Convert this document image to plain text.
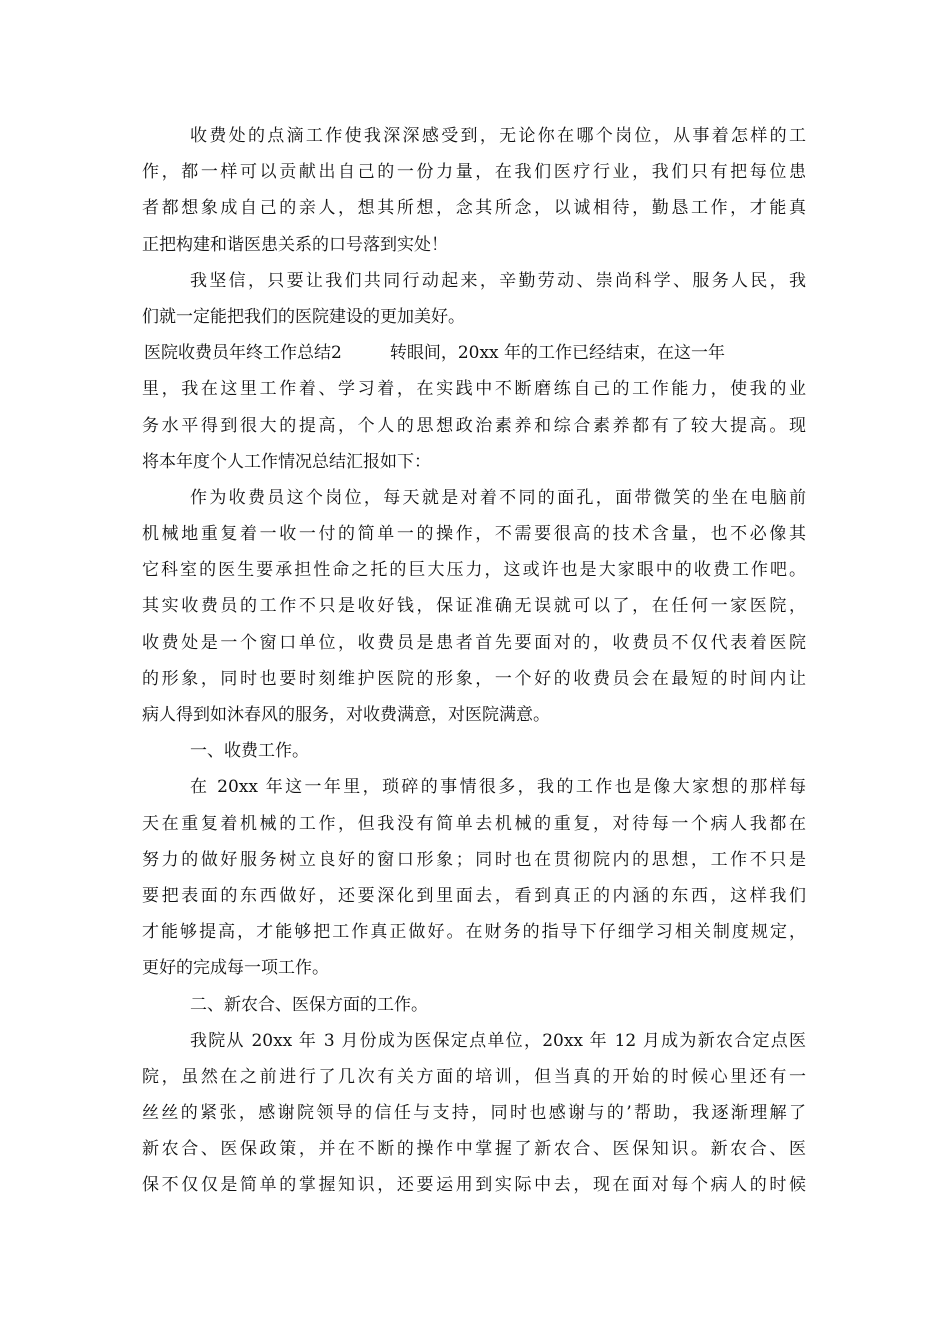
收费处的点滴工作使我深深感受到，无论你在哪个岗位，从事着怎样的工
作，都一样可以贡献出自己的一份力量，在我们医疗行业，我们只有把每位患
者都想象成自己的亲人，想其所想，念其所念，以诚相待，勤恳工作，才能真
正把构建和谐医患关系的口号落到实处！
我坚信，只要让我们共同行动起来，辛勤劳动、崇尚科学、服务人民，我
们就一定能把我们的医院建设的更加美好。
医院收费员年终工作总结2	转眼间，20xx 年的工作已经结束，在这一年
里，我在这里工作着、学习着，在实践中不断磨练自己的工作能力，使我的业
务水平得到很大的提高，个人的思想政治素养和综合素养都有了较大提高。现
将本年度个人工作情况总结汇报如下：
作为收费员这个岗位，每天就是对着不同的面孔，面带微笑的坐在电脑前
机械地重复着一收一付的简单一的操作，不需要很高的技术含量，也不必像其
它科室的医生要承担性命之托的巨大压力，这或许也是大家眼中的收费工作吧。
其实收费员的工作不只是收好钱，保证准确无误就可以了，在任何一家医院，
收费处是一个窗口单位，收费员是患者首先要面对的，收费员不仅代表着医院
的形象，同时也要时刻维护医院的形象，一个好的收费员会在最短的时间内让
病人得到如沐春风的服务，对收费满意，对医院满意。
一、收费工作。
在 20xx 年这一年里，琐碎的事情很多，我的工作也是像大家想的那样每
天在重复着机械的工作，但我没有简单去机械的重复，对待每一个病人我都在
努力的做好服务树立良好的窗口形象；同时也在贯彻院内的思想，工作不只是
要把表面的东西做好，还要深化到里面去，看到真正的内涵的东西，这样我们
才能够提高，才能够把工作真正做好。在财务的指导下仔细学习相关制度规定，
更好的完成每一项工作。
二、新农合、医保方面的工作。
我院从 20xx 年 3 月份成为医保定点单位，20xx 年 12 月成为新农合定点医
院，虽然在之前进行了几次有关方面的培训，但当真的开始的时候心里还有一
丝丝的紧张，感谢院领导的信任与支持，同时也感谢与的’帮助，我逐渐理解了
新农合、医保政策，并在不断的操作中掌握了新农合、医保知识。新农合、医
保不仅仅是简单的掌握知识，还要运用到实际中去，现在面对每个病人的时候
